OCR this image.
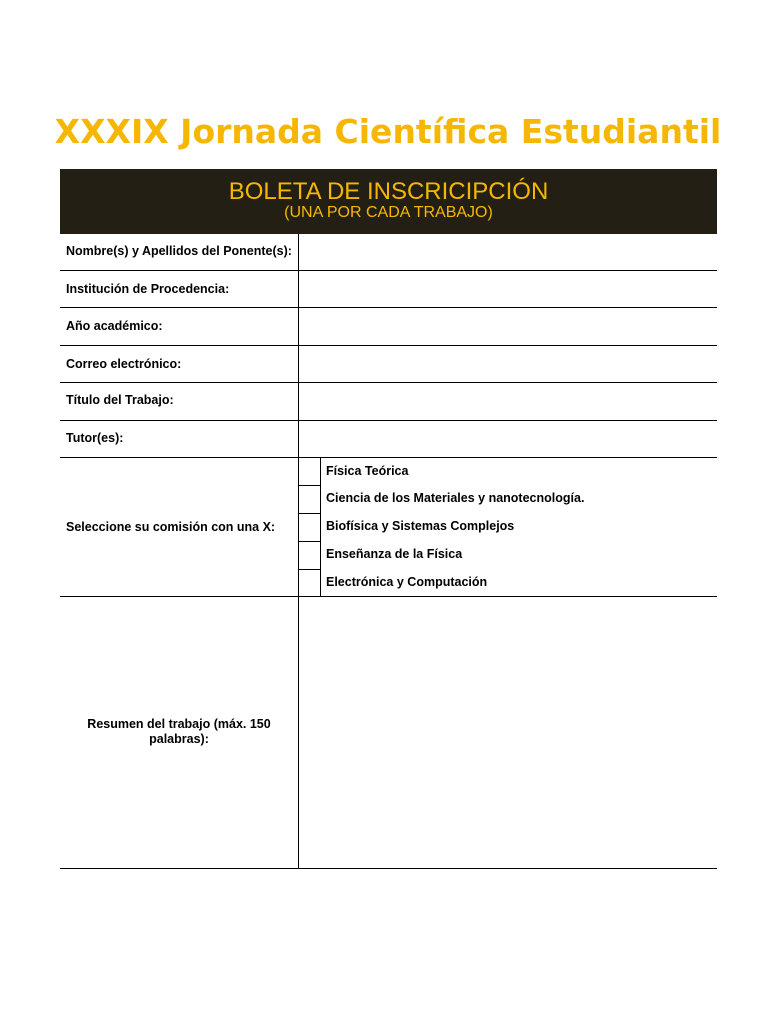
XXXIX Jornada Científica Estudiantil
BOLETA DE INSCRICIPCIÓN
(UNA POR CADA TRABAJO)
Nombre(s) y Apellidos del Ponente(s):
Institución de Procedencia:
Año académico:
Correo electrónico:
Título del Trabajo:
Tutor(es):
Seleccione su comisión con una X:
Física Teórica
Ciencia de los Materiales y nanotecnología.
Biofísica y Sistemas Complejos
Enseñanza de la Física
Electrónica y Computación
Resumen del trabajo (máx. 150
palabras):
